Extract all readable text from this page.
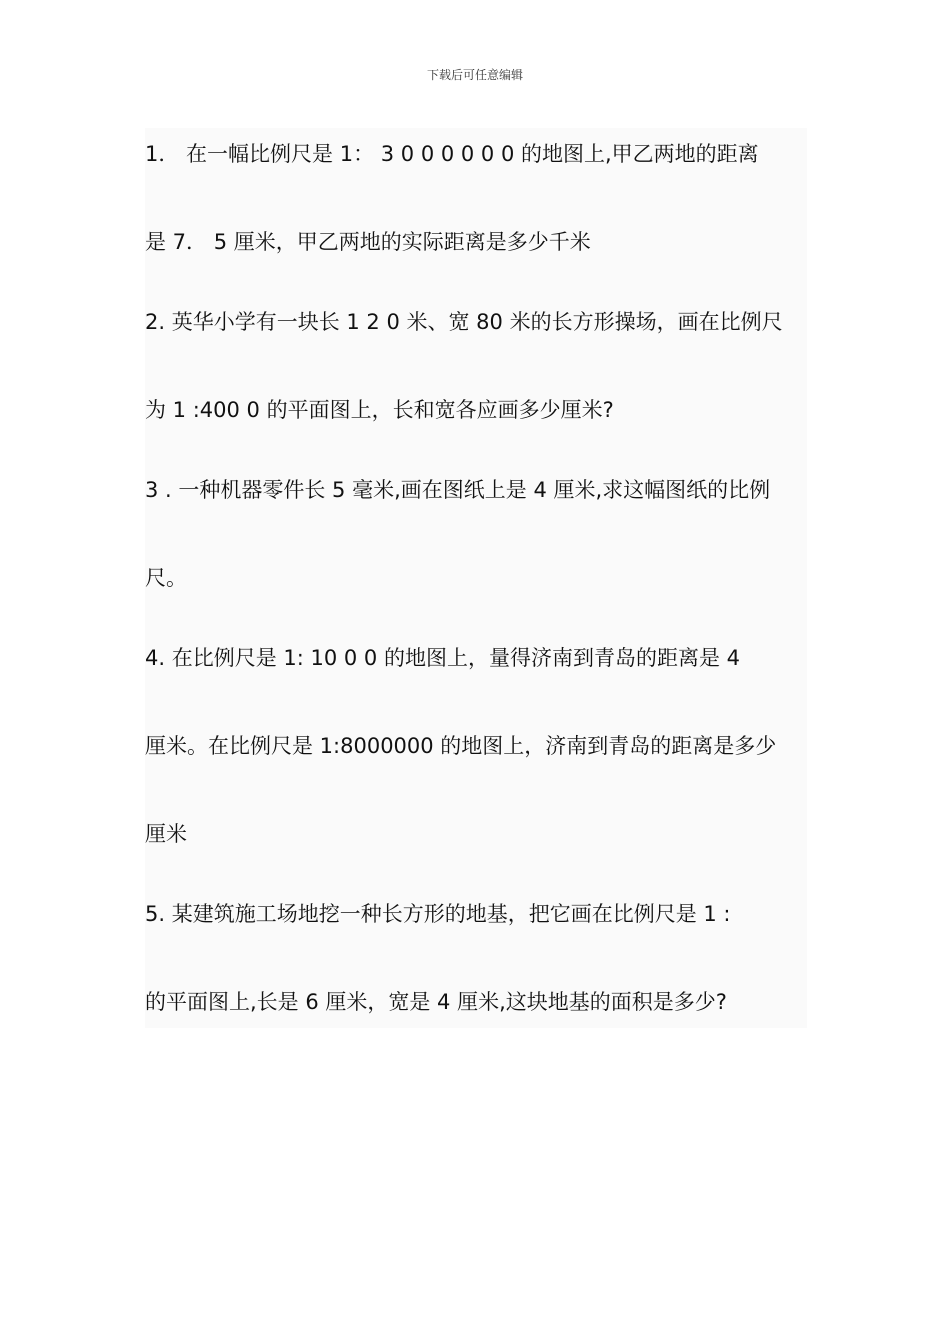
下载后可任意编辑
1． 在一幅比例尺是 1： 3 0 0 0 0 0 0 的地图上,甲乙两地的距离
是 7． 5 厘米，甲乙两地的实际距离是多少千米
2. 英华小学有一块长 1 2 0 米、宽 80 米的长方形操场，画在比例尺
为 1 :400 0 的平面图上，长和宽各应画多少厘米?
3 . 一种机器零件长 5 毫米,画在图纸上是 4 厘米,求这幅图纸的比例
尺。
4. 在比例尺是 1: 10 0 0 的地图上，量得济南到青岛的距离是 4
厘米。在比例尺是 1:8000000 的地图上，济南到青岛的距离是多少
厘米
5. 某建筑施工场地挖一种长方形的地基，把它画在比例尺是 1 :
的平面图上,长是 6 厘米，宽是 4 厘米,这块地基的面积是多少?
